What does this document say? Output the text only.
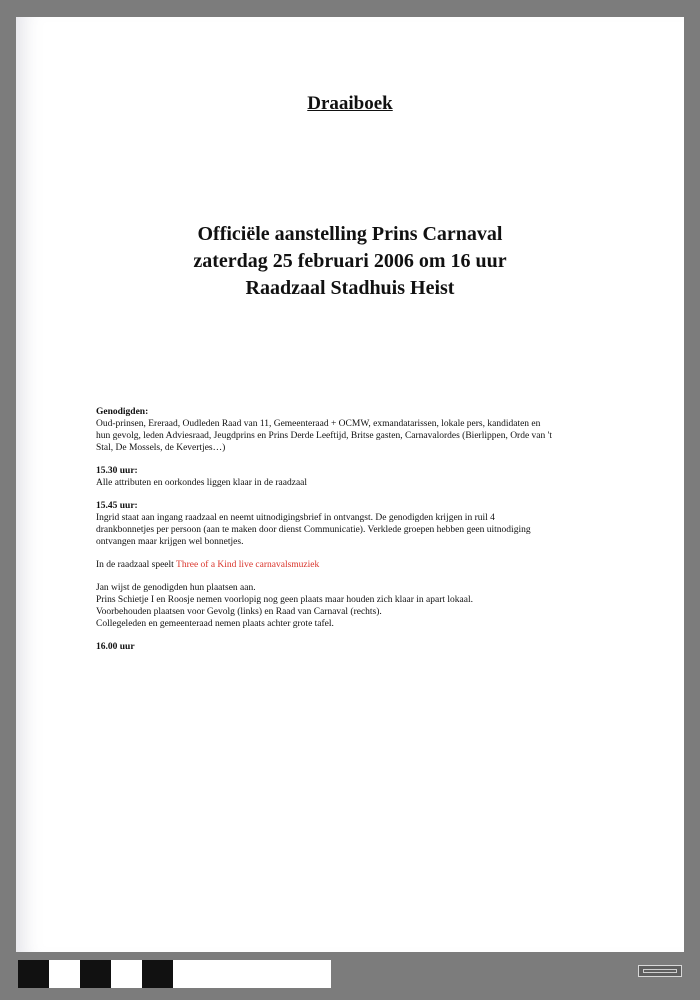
Draaiboek
Officiële aanstelling Prins Carnaval
zaterdag 25 februari 2006 om 16 uur
Raadzaal Stadhuis Heist
Genodigden:
Oud-prinsen, Ereraad, Oudleden Raad van 11, Gemeenteraad + OCMW, exmandatarissen, lokale pers, kandidaten en
hun gevolg, leden Adviesraad, Jeugdprins en Prins Derde Leeftijd, Britse gasten, Carnavalordes (Bierlippen, Orde van 't
Stal, De Mossels, de Kevertjes…)
15.30 uur:
Alle attributen en oorkondes liggen klaar in de raadzaal
15.45 uur:
Ingrid staat aan ingang raadzaal en neemt uitnodigingsbrief in ontvangst. De genodigden krijgen in ruil 4
drankbonnetjes per persoon (aan te maken door dienst Communicatie). Verklede groepen hebben geen uitnodiging
ontvangen maar krijgen wel bonnetjes.
In de raadzaal speelt Three of a Kind live carnavalsmuziek
Jan wijst de genodigden hun plaatsen aan.
Prins Schietje I en Roosje nemen voorlopig nog geen plaats maar houden zich klaar in apart lokaal.
Voorbehouden plaatsen voor Gevolg (links) en Raad van Carnaval (rechts).
Collegeleden en gemeenteraad nemen plaats achter grote tafel.
16.00 uur
